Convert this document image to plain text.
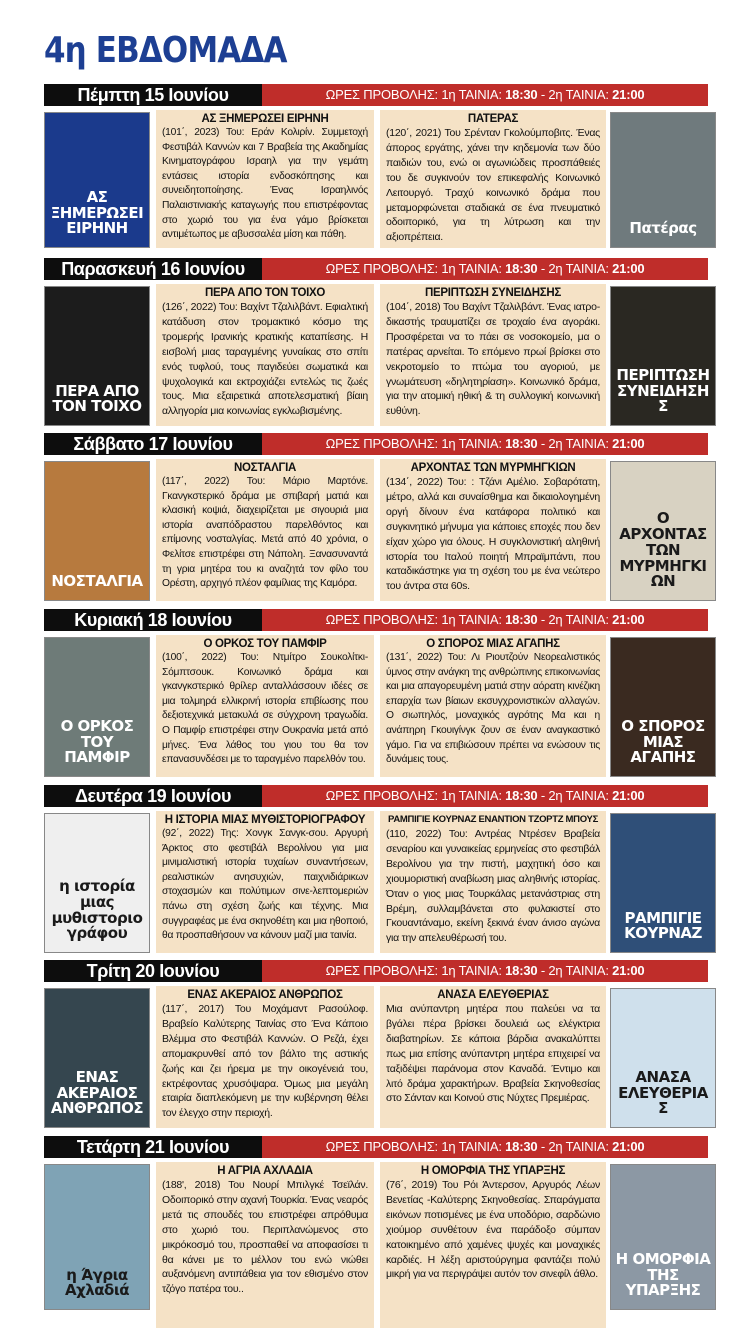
4η ΕΒΔΟΜΑΔΑ
Πέμπτη 15 Ιουνίου	ΩΡΕΣ ΠΡΟΒΟΛΗΣ: 1η ΤΑΙΝΙΑ: 18:30 - 2η ΤΑΙΝΙΑ: 21:00
ΑΣ ΞΗΜΕΡΩΣΕΙ ΕΙΡΗΝΗ
ΑΣ ΞΗΜΕΡΩΣΕΙ ΕΙΡΗΝΗ
(101΄, 2023) Του: Εράν Κολιρίν. Συμμετοχή Φεστιβάλ Καννών και 7 Βραβεία της Ακαδημίας Κινηματογράφου Ισραηλ για την γεμάτη εντάσεις ιστορία ενδοσκόπησης και συνειδητοποίησης. Ένας Ισραηλινός Παλαιστινιακής καταγωγής που επιστρέφοντας στο χωριό του για ένα γάμο βρίσκεται αντιμέτωπος με αβυσσαλέα μίση και πάθη.	Πατέρας
ΠΑΤΕΡΑΣ
(120΄, 2021) Του Σρένταν Γκολούμποβιτς. Ένας άπορος εργάτης, χάνει την κηδεμονία των δύο παιδιών του, ενώ οι αγωνιώδεις προσπάθειές του δε συγκινούν τον επικεφαλής Κοινωνικό Λειτουργό. Τραχύ κοινωνικό δράμα που μεταμορφώνεται σταδιακά σε ένα πνευματικό οδοιπορικό, για τη λύτρωση και την αξιοπρέπεια.
Παρασκευή 16 Ιουνίου	ΩΡΕΣ ΠΡΟΒΟΛΗΣ: 1η ΤΑΙΝΙΑ: 18:30 - 2η ΤΑΙΝΙΑ: 21:00
ΠΕΡΑ ΑΠΟ ΤΟΝ ΤΟΙΧΟ
ΠΕΡΑ ΑΠΟ ΤΟΝ ΤΟΙΧΟ
(126΄, 2022) Του: Βαχίντ Τζαλιλβάντ. Εφιαλτική κατάδυση στον τρομακτικό κόσμο της τρομερής Ιρανικής κρατικής καταπίεσης. Η εισβολή μιας ταραγμένης γυναίκας στο σπίτι ενός τυφλού, τους παγιδεύει σωματικά και ψυχολογικά και εκτροχιάζει εντελώς τις ζωές τους. Μια εξαιρετικά αποτελεσματική βίαιη αλληγορία μια κοινωνίας εγκλωβισμένης.
ΠΕΡΙΠΤΩΣΗ ΣΥΝΕΙΔΗΣΗΣ
ΠΕΡΙΠΤΩΣΗ ΣΥΝΕΙΔΗΣΗΣ
(104΄, 2018) Του Βαχίντ Τζαλιλβάντ. Ένας ιατρο-δικαστής τραυματίζει σε τροχαίο ένα αγοράκι. Προσφέρεται να το πάει σε νοσοκομείο, μα ο πατέρας αρνείται. Το επόμενο πρωί βρίσκει στο νεκροτομείο το πτώμα του αγοριού, με γνωμάτευση «δηλητηρίαση». Κοινωνικό δράμα, για την ατομική ηθική & τη συλλογική κοινωνική ευθύνη.
Σάββατο 17 Ιουνίου	ΩΡΕΣ ΠΡΟΒΟΛΗΣ: 1η ΤΑΙΝΙΑ: 18:30 - 2η ΤΑΙΝΙΑ: 21:00
ΝΟΣΤΑΛΓΙΑ
ΝΟΣΤΑΛΓΙΑ
(117΄, 2022) Του: Μάριο Μαρτόνε. Γκανγκστερικό δράμα με σπιβαρή ματιά και κλασική κοψιά, διαχειρίζεται με σιγουριά μια ιστορία αναπόδραστου παρελθόντος και επίμονης νοσταλγίας. Μετά από 40 χρόνια, ο Φελίτσε επιστρέφει στη Νάπολη. Ξανασυναντά τη γρια μητέρα του κι αναζητά τον φίλο του Ορέστη, αρχηγό πλέον φαμίλιας της Καμόρα.
Ο ΑΡΧΟΝΤΑΣ ΤΩΝ ΜΥΡΜΗΓΚΙΩΝ
ΑΡΧΟΝΤΑΣ ΤΩΝ ΜΥΡΜΗΓΚΙΩΝ
(134΄, 2022) Του: : Τζάνι Αμέλιο. Σοβαρότατη, μέτρο, αλλά και συναίσθημα και δικαιολογημένη οργή δίνουν ένα κατάφορα πολιτικό και συγκινητικό μήνυμα για κάποιες εποχές που δεν είχαν χώρο για όλους. Η συγκλονιστική αληθινή ιστορία του Ιταλού ποιητή Μπραϊμπάντι, που καταδικάστηκε για τη σχέση του με ένα νεώτερο του άντρα στα 60s.
Κυριακή 18 Ιουνίου	ΩΡΕΣ ΠΡΟΒΟΛΗΣ: 1η ΤΑΙΝΙΑ: 18:30 - 2η ΤΑΙΝΙΑ: 21:00
Ο ΟΡΚΟΣ ΤΟΥ ΠΑΜΦΙΡ
Ο ΟΡΚΟΣ ΤΟΥ ΠΑΜΦΙΡ
(100΄, 2022) Του: Ντμίτρο Σουκολίτκι-Σόμπτσουκ. Κοινωνικό δράμα και γκανγκστερικό θρίλερ ανταλλάσσουν ιδέες σε μια τολμηρά ελλικρινή ιστορία επιβίωσης που δεξιοτεχνικά μετακυλά σε σύγχρονη τραγωδία. Ο Παμφίρ επιστρέφει στην Ουκρανία μετά από μήνες. Ένα λάθος του γιου του θα τον επανασυνδέσει με το ταραγμένο παρελθόν του.
Ο ΣΠΟΡΟΣ ΜΙΑΣ ΑΓΑΠΗΣ
Ο ΣΠΟΡΟΣ ΜΙΑΣ ΑΓΑΠΗΣ
(131΄, 2022) Του: Λι Ριουτζούν Νεορεαλιστικός ύμνος στην ανάγκη της ανθρώπινης επικοινωνίας και μια απαγορευμένη ματιά στην αόρατη κινέζικη επαρχία των βίαιων εκσυγχρονιστικών αλλαγών. Ο σιωπηλός, μοναχικός αγρότης Μα και η ανάπηρη Γκουιγίνγκ ζουν σε έναν αναγκαστικό γάμο. Για να επιβιώσουν πρέπει να ενώσουν τις δυνάμεις τους.
Δευτέρα 19 Ιουνίου	ΩΡΕΣ ΠΡΟΒΟΛΗΣ: 1η ΤΑΙΝΙΑ: 18:30 - 2η ΤΑΙΝΙΑ: 21:00
η ιστορία μιας μυθιστοριογράφου
Η ΙΣΤΟΡΙΑ ΜΙΑΣ ΜΥΘΙΣΤΟΡΙΟΓΡΑΦΟΥ
(92΄, 2022) Της: Χονγκ Σανγκ-σου. Αργυρή Άρκτος στο φεστιβάλ Βερολίνου για μια μινιμαλιστική ιστορία τυχαίων συναντήσεων, ρεαλιστικών ανησυχιών, παιχνιδιάρικων στοχασμών και πολύτιμων σινε-λεπτομεριών πάνω στη σχέση ζωής και τέχνης. Μια συγγραφέας με ένα σκηνοθέτη και μια ηθοποιό, θα προσπαθήσουν να κάνουν μαζί μια ταινία.
ΡΑΜΠΙΓΙΕ ΚΟΥΡΝΑΖ
ΡΑΜΠΙΓΙΕ ΚΟΥΡΝΑΖ ΕΝΑΝΤΙΟΝ ΤΖΟΡΤΖ ΜΠΟΥΣ
(110, 2022) Του: Αντρέας Ντρέσεν Βραβεία σεναρίου και γυναικείας ερμηνείας στο φεστιβάλ Βερολίνου για την πιστή, μαχητική όσο και χιουμοριστική αναβίωση μιας αληθινής ιστορίας. Όταν ο γιος μιας Τουρκάλας μετανάστριας στη Βρέμη, συλλαμβάνεται στο φυλακιστεί στο Γκουαντάναμο, εκείνη ξεκινά έναν άνισο αγώνα για την απελευθέρωσή του.
Τρίτη 20 Ιουνίου	ΩΡΕΣ ΠΡΟΒΟΛΗΣ: 1η ΤΑΙΝΙΑ: 18:30 - 2η ΤΑΙΝΙΑ: 21:00
ΕΝΑΣ ΑΚΕΡΑΙΟΣ ΑΝΘΡΩΠΟΣ
ΕΝΑΣ ΑΚΕΡΑΙΟΣ ΑΝΘΡΩΠΟΣ
(117΄, 2017) Του Μοχάμαντ Ρασούλοφ. Βραβείο Καλύτερης Ταινίας στο Ένα Κάποιο Βλέμμα στο Φεστιβάλ Καννών. Ο Ρεζά, έχει απομακρυνθεί από τον βάλτο της αστικής ζωής και ζει ήρεμα με την οικογένειά του, εκτρέφοντας χρυσόψαρα. Όμως μια μεγάλη εταιρία διαπλεκόμενη με την κυβέρνηση θέλει τον έλεγχο στην περιοχή.
ΑΝΑΣΑ ΕΛΕΥΘΕΡΙΑΣ
ΑΝΑΣΑ ΕΛΕΥΘΕΡΙΑΣ
Μια ανύπαντρη μητέρα που παλεύει να τα βγάλει πέρα βρίσκει δουλειά ως ελέγκτρια διαβατηρίων. Σε κάποια βάρδια ανακαλύπτει πως μια επίσης ανύπαντρη μητέρα επιχειρεί να ταξιδέψει παράνομα στον Καναδά. Έντιμο και λιτό δράμα χαρακτήρων. Βραβεία Σκηνοθεσίας στο Σάνταν και Κοινού στις Νύχτες Πρεμιέρας.
Τετάρτη 21 Ιουνίου	ΩΡΕΣ ΠΡΟΒΟΛΗΣ: 1η ΤΑΙΝΙΑ: 18:30 - 2η ΤΑΙΝΙΑ: 21:00
η Άγρια Αχλαδιά
Η ΑΓΡΙΑ ΑΧΛΑΔΙΑ
(188', 2018) Του Νουρί Μπιλγκέ Τσεϊλάν. Οδοιπορικό στην αχανή Τουρκία. Ένας νεαρός μετά τις σπουδές του επιστρέφει απρόθυμα στο χωριό του. Περιπλανώμενος στο μικρόκοσμό του, προσπαθεί να αποφασίσει τι θα κάνει με το μέλλον του ενώ νιώθει αυξανόμενη αντιπάθεια για τον εθισμένο στον τζόγο πατέρα του..
Η ΟΜΟΡΦΙΑ ΤΗΣ ΥΠΑΡΞΗΣ
Η ΟΜΟΡΦΙΑ ΤΗΣ ΥΠΑΡΞΗΣ
(76΄, 2019) Του Ρόι Άντερσον, Αργυρός Λέων Βενετίας -Καλύτερης Σκηνοθεσίας. Σπαράγματα εικόνων ποτισμένες με ένα υποδόριο, σαρδώνιο χιούμορ συνθέτουν ένα παράδοξο σύμπαν κατοικημένο από χαμένες ψυχές και μοναχικές καρδιές. Η λέξη αριστούργημα φαντάζει πολύ μικρή για να περιγράψει αυτόν τον σινεφίλ άθλο.
